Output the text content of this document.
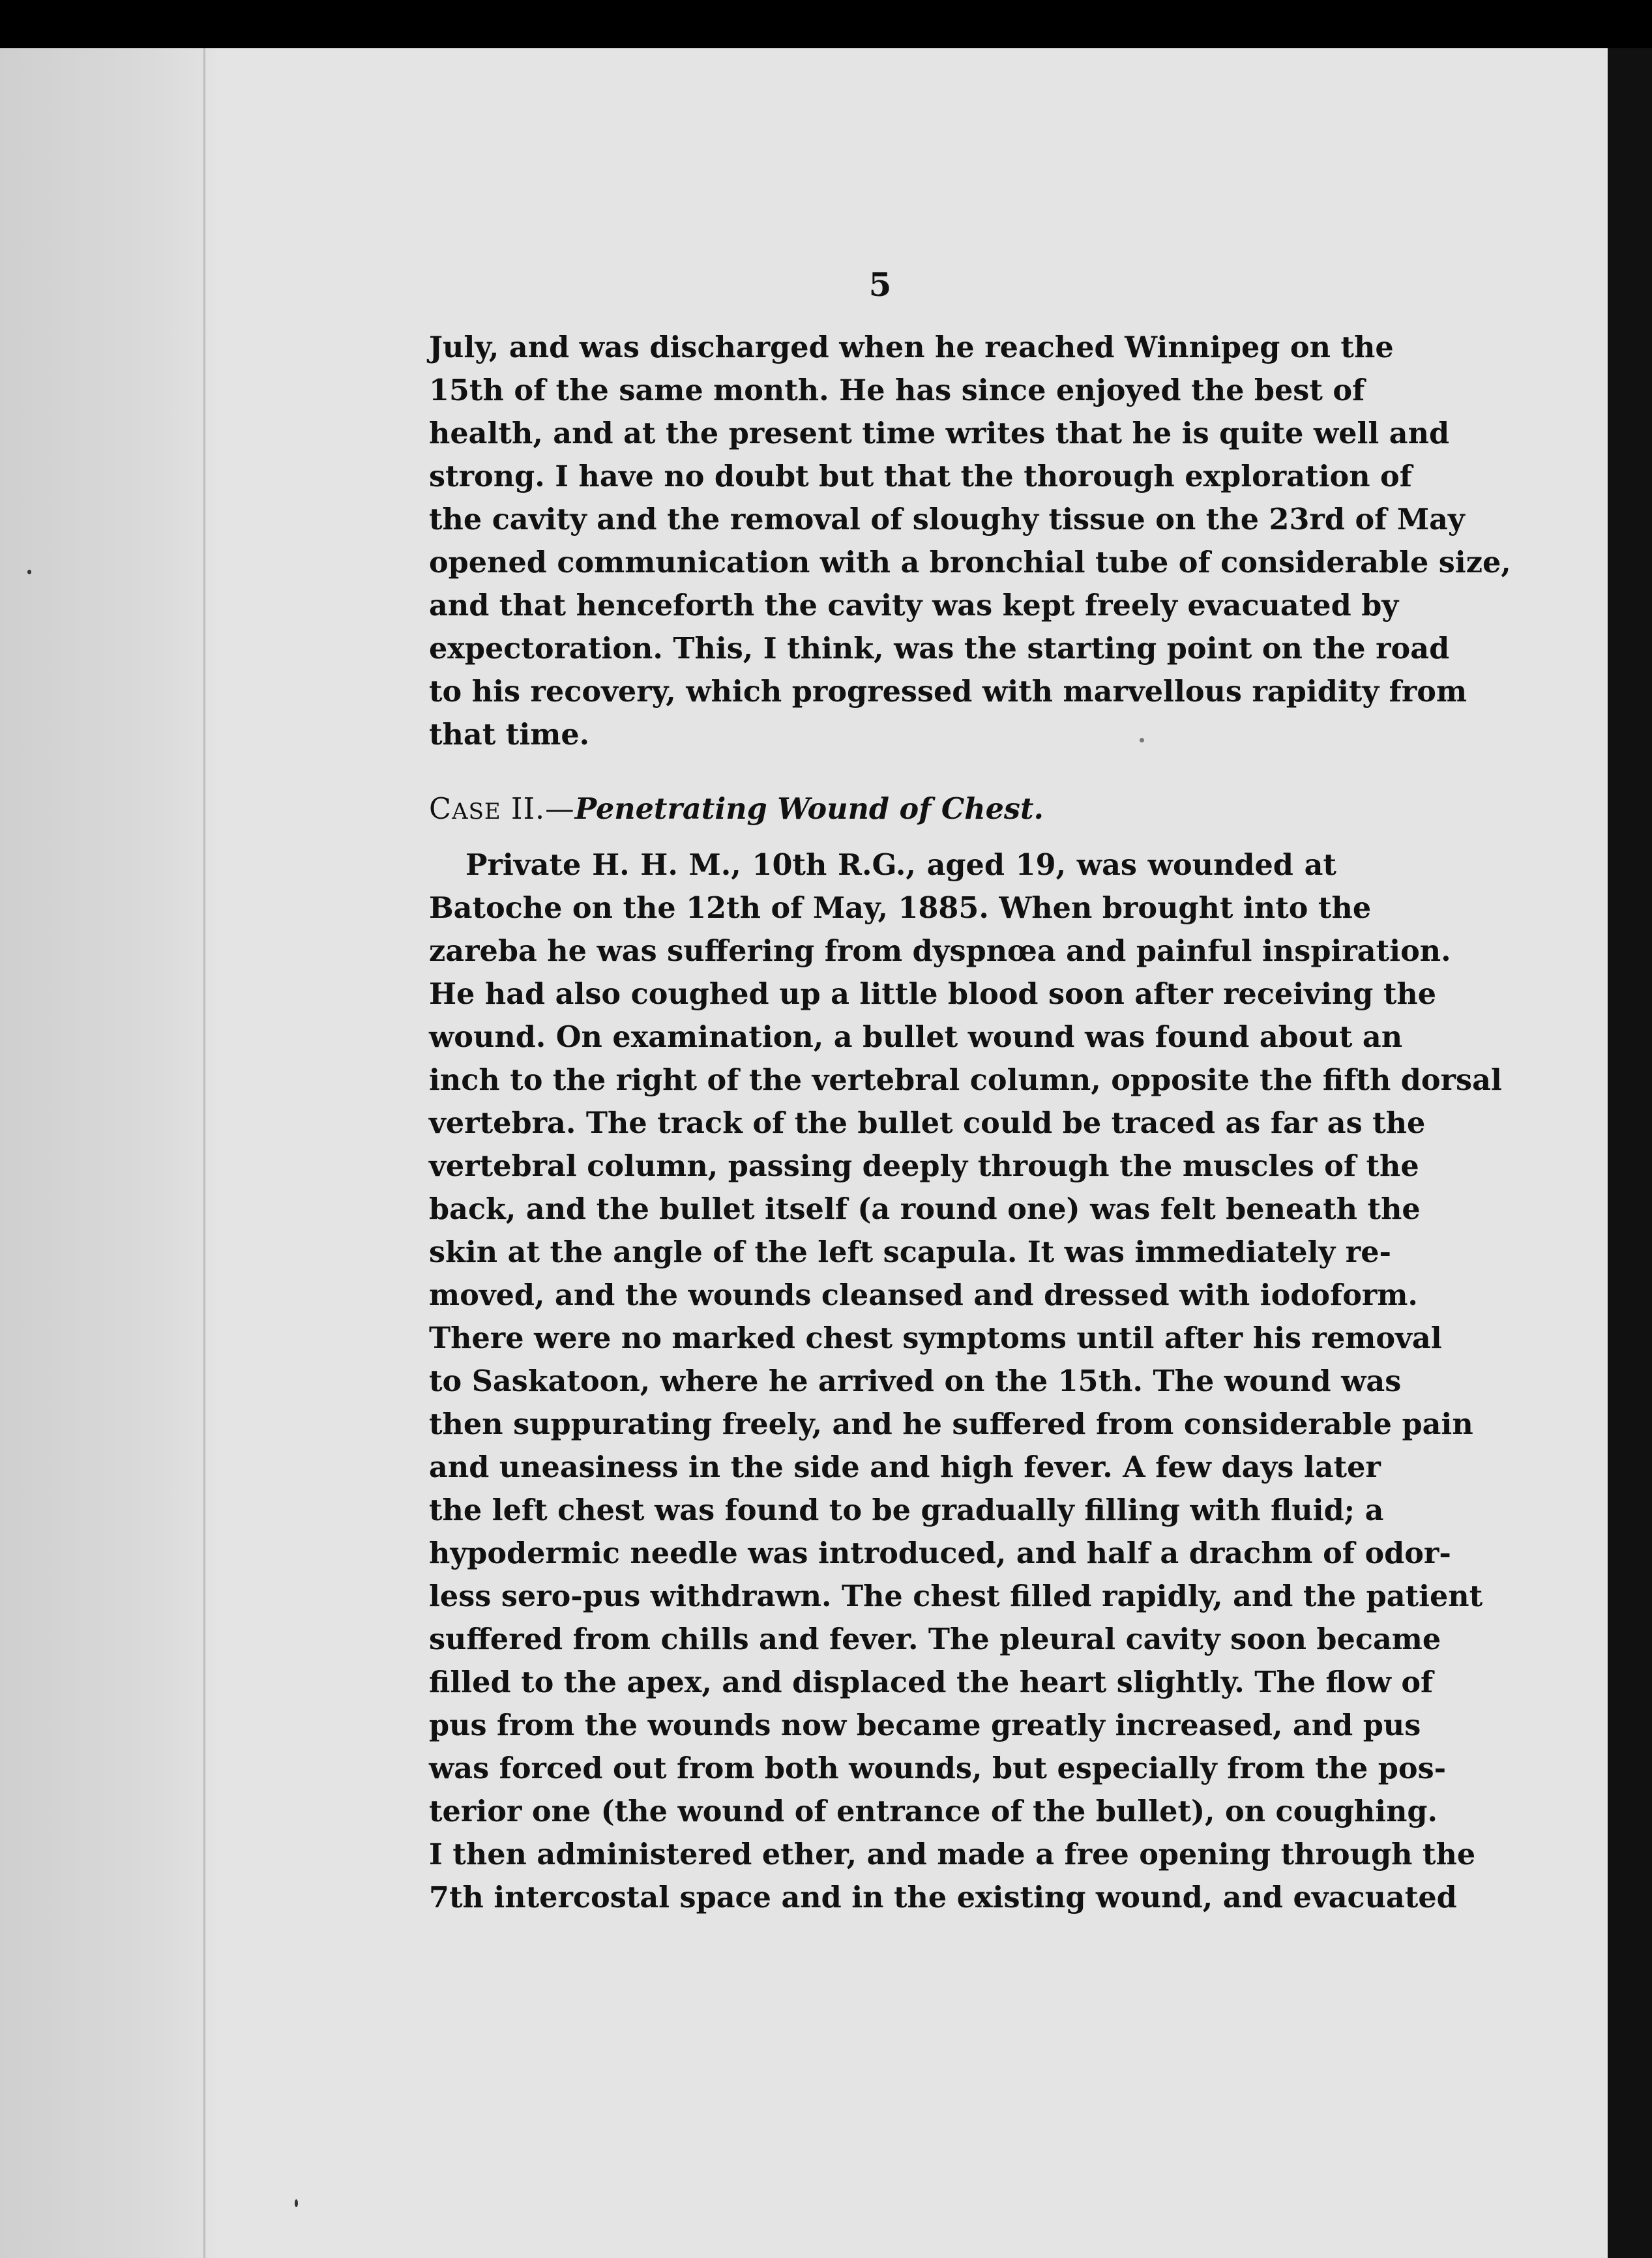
5
July, and was discharged when he reached Winnipeg on the
15th of the same month. He has since enjoyed the best of
health, and at the present time writes that he is quite well and
strong. I have no doubt but that the thorough exploration of
the cavity and the removal of sloughy tissue on the 23rd of May
opened communication with a bronchial tube of considerable size,
and that henceforth the cavity was kept freely evacuated by
expectoration. This, I think, was the starting point on the road
to his recovery, which progressed with marvellous rapidity from
that time.
CASE II.—Penetrating Wound of Chest.
Private H. H. M., 10th R.G., aged 19, was wounded at
Batoche on the 12th of May, 1885. When brought into the
zareba he was suffering from dyspnœa and painful inspiration.
He had also coughed up a little blood soon after receiving the
wound. On examination, a bullet wound was found about an
inch to the right of the vertebral column, opposite the fifth dorsal
vertebra. The track of the bullet could be traced as far as the
vertebral column, passing deeply through the muscles of the
back, and the bullet itself (a round one) was felt beneath the
skin at the angle of the left scapula. It was immediately re-
moved, and the wounds cleansed and dressed with iodoform.
There were no marked chest symptoms until after his removal
to Saskatoon, where he arrived on the 15th. The wound was
then suppurating freely, and he suffered from considerable pain
and uneasiness in the side and high fever. A few days later
the left chest was found to be gradually filling with fluid; a
hypodermic needle was introduced, and half a drachm of odor-
less sero-pus withdrawn. The chest filled rapidly, and the patient
suffered from chills and fever. The pleural cavity soon became
filled to the apex, and displaced the heart slightly. The flow of
pus from the wounds now became greatly increased, and pus
was forced out from both wounds, but especially from the pos-
terior one (the wound of entrance of the bullet), on coughing.
I then administered ether, and made a free opening through the
7th intercostal space and in the existing wound, and evacuated
